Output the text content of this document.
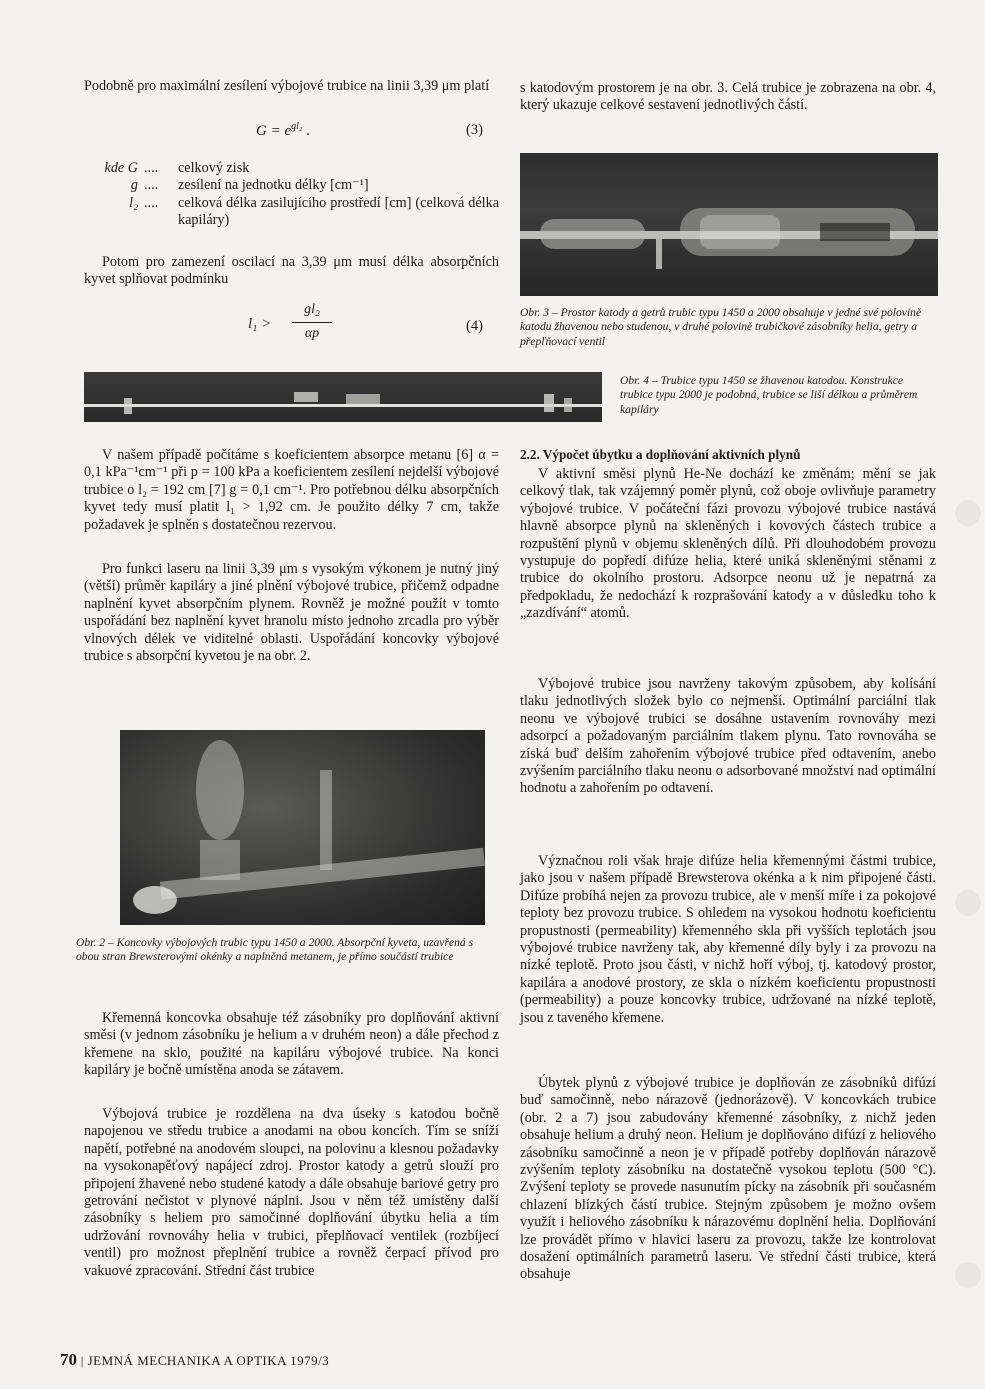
Podobně pro maximální zesílení výbojové trubice na linii 3,39 μm platí

$G = e^{gl_2}$ .	(3)
kde G ....	celkový zisk
g ....	zesílení na jednotku délky [cm⁻¹]
l₂ ....	celková délka zasilujícího prostředí [cm] (celková délka kapiláry)

Potom pro zamezení oscilací na 3,39 μm musí délka absorpčních kyvet splňovat podmínku

l₁ >
gl₂
αp	(4)

s katodovým prostorem je na obr. 3. Celá trubice je zobrazena na obr. 4, který ukazuje celkové sestavení jednotlivých částí.

Obr. 3 – Prostor katody a getrů trubic typu 1450 a 2000 obsahuje v jedné své polovině katodu žhavenou nebo studenou, v druhé polovině trubičkové zásobníky helia, getry a přepľňovací ventil

Obr. 4 – Trubice typu 1450 se žhavenou katodou. Konstrukce trubice typu 2000 je podobná, trubice se liší délkou a průměrem kapiláry

V našem případě počítáme s koeficientem absorpce metanu [6] α = 0,1 kPa⁻¹cm⁻¹ při p = 100 kPa a koeficientem zesílení nejdelší výbojové trubice o l₂ = 192 cm [7] g = 0,1 cm⁻¹. Pro potřebnou délku absorpčních kyvet tedy musí platit l₁ > 1,92 cm. Je použito délky 7 cm, takže požadavek je splněn s dostatečnou rezervou.

Pro funkci laseru na linii 3,39 μm s vysokým výkonem je nutný jiný (větší) průměr kapiláry a jiné plnění výbojové trubice, přičemž odpadne naplnění kyvet absorpčním plynem. Rovněž je možné použít v tomto uspořádání bez naplnění kyvet hranolu místo jednoho zrcadla pro výběr vlnových délek ve viditelné oblasti. Uspořádání koncovky výbojové trubice s absorpční kyvetou je na obr. 2.

Obr. 2 – Koncovky výbojových trubic typu 1450 a 2000. Absorpční kyveta, uzavřená s obou stran Brewsterovými okénky a naplněná metanem, je přímo součástí trubice

Křemenná koncovka obsahuje též zásobníky pro doplňování aktivní směsi (v jednom zásobníku je helium a v druhém neon) a dále přechod z křemene na sklo, použité na kapiláru výbojové trubice. Na konci kapiláry je bočně umístěna anoda se zátavem.

Výbojová trubice je rozdělena na dva úseky s katodou bočně napojenou ve středu trubice a anodami na obou koncích. Tím se sníží napětí, potřebné na anodovém sloupci, na polovinu a klesnou požadavky na vysokonapěťový napájecí zdroj. Prostor katody a getrů slouží pro připojení žhavené nebo studené katody a dále obsahuje bariové getry pro getrování nečistot v plynové náplni. Jsou v něm též umístěny další zásobníky s heliem pro samočinné doplňování úbytku helia a tím udržování rovnováhy helia v trubici, přeplňovací ventilek (rozbíjecí ventil) pro možnost přeplnění trubice a rovněž čerpací přívod pro vakuové zpracování. Střední část trubice

2.2. Výpočet úbytku a doplňování aktivních plynů

V aktivní směsi plynů He-Ne dochází ke změnám; mění se jak celkový tlak, tak vzájemný poměr plynů, což oboje ovlivňuje parametry výbojové trubice. V počáteční fázi provozu výbojové trubice nastává hlavně absorpce plynů na skleněných i kovových částech trubice a rozpuštění plynů v objemu skleněných dílů. Při dlouhodobém provozu vystupuje do popředí difúze helia, které uniká skleněnými stěnami z trubice do okolního prostoru. Adsorpce neonu už je nepatrná za předpokladu, že nedochází k rozprašování katody a v důsledku toho k „zazdívání“ atomů.

Výbojové trubice jsou navrženy takovým způsobem, aby kolísání tlaku jednotlivých složek bylo co nejmenší. Optimální parciální tlak neonu ve výbojové trubici se dosáhne ustavením rovnováhy mezi adsorpcí a požadovaným parciálním tlakem plynu. Tato rovnováha se získá buď delším zahořením výbojové trubice před odtavením, anebo zvýšením parciálního tlaku neonu o adsorbované množství nad optimální hodnotu a zahořením po odtavení.

Význačnou roli však hraje difúze helia křemennými částmi trubice, jako jsou v našem případě Brewsterova okénka a k nim připojené části. Difúze probíhá nejen za provozu trubice, ale v menší míře i za pokojové teploty bez provozu trubice. S ohledem na vysokou hodnotu koeficientu propustnosti (permeability) křemenného skla při vyšších teplotách jsou výbojové trubice navrženy tak, aby křemenné díly byly i za provozu na nízké teplotě. Proto jsou části, v nichž hoří výboj, tj. katodový prostor, kapilára a anodové prostory, ze skla o nízkém koeficientu propustnosti (permeability) a pouze koncovky trubice, udržované na nízké teplotě, jsou z taveného křemene.

Úbytek plynů z výbojové trubice je doplňován ze zásobníků difúzí buď samočinně, nebo nárazově (jednorázově). V koncovkách trubice (obr. 2 a 7) jsou zabudovány křemenné zásobníky, z nichž jeden obsahuje helium a druhý neon. Helium je doplňováno difúzí z heliového zásobníku samočinně a neon je v případě potřeby doplňován nárazově zvýšením teploty zásobníku na dostatečně vysokou teplotu (500 °C). Zvýšení teploty se provede nasunutím pícky na zásobník při současném chlazení blízkých částí trubice. Stejným způsobem je možno ovšem využít i heliového zásobníku k nárazovému doplnění helia. Doplňování lze provádět přímo v hlavici laseru za provozu, takže lze kontrolovat dosažení optimálních parametrů laseru. Ve střední části trubice, která obsahuje

70 | JEMNÁ MECHANIKA A OPTIKA 1979/3
